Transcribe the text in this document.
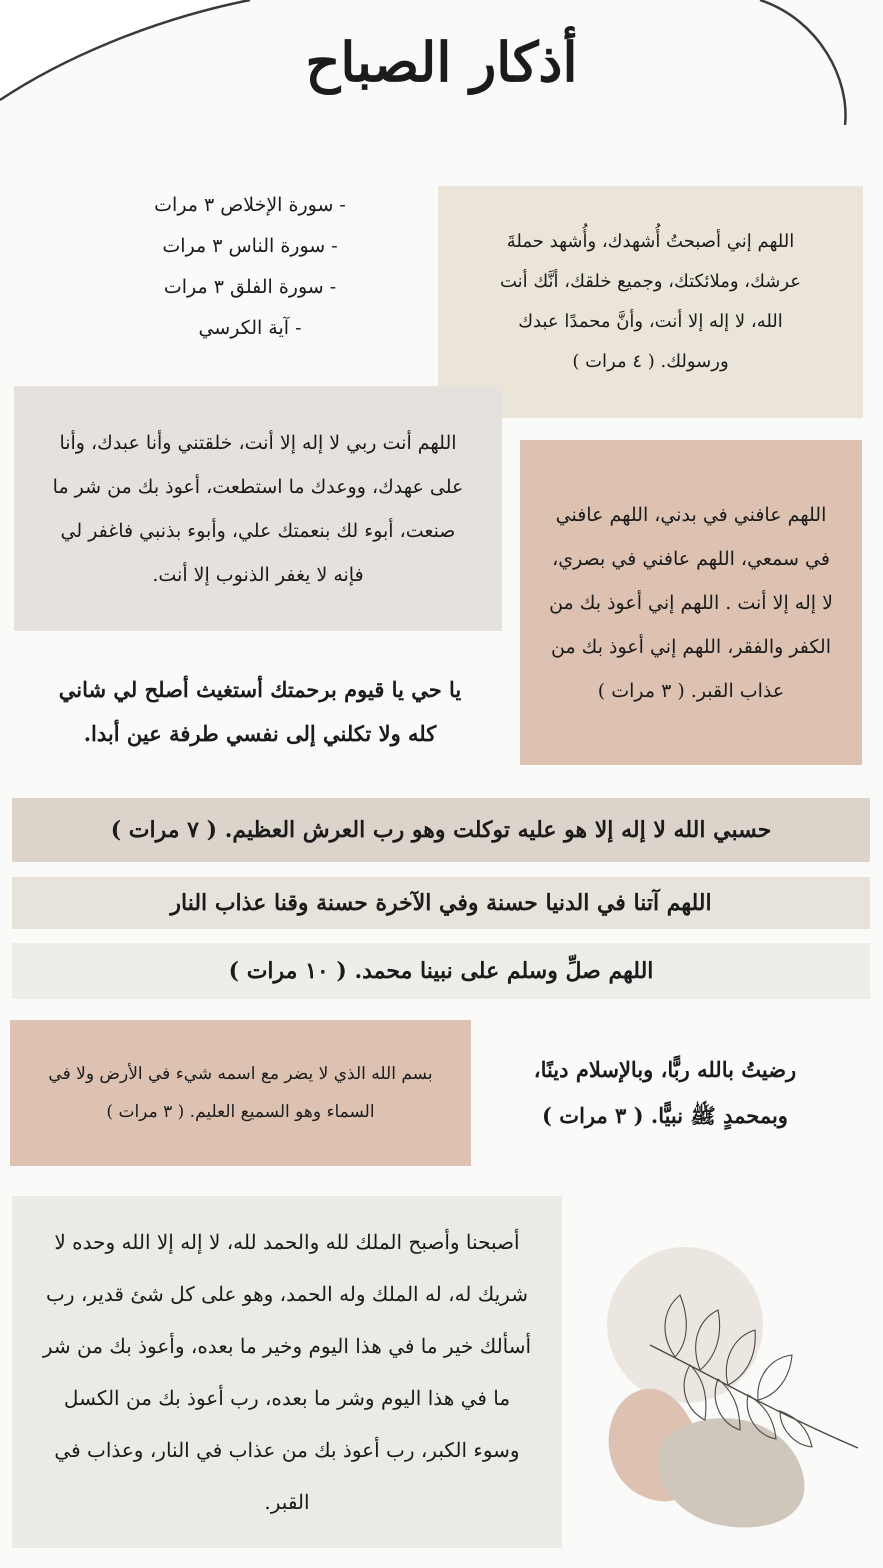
أذكار الصباح
- سورة الإخلاص ٣ مرات
- سورة الناس ٣ مرات
- سورة الفلق ٣ مرات
- آية الكرسي

اللهم إني أصبحتُ أُشهدك، وأُشهد حملةَ عرشك، وملائكتك، وجميع خلقك، أنَّك أنت الله، لا إله إلا أنت، وأنَّ محمدًا عبدك ورسولك. ( ٤ مرات )

اللهم أنت ربي لا إله إلا أنت، خلقتني وأنا عبدك، وأنا على عهدك، ووعدك ما استطعت، أعوذ بك من شر ما صنعت، أبوء لك بنعمتك علي، وأبوء بذنبي فاغفر لي فإنه لا يغفر الذنوب إلا أنت.

اللهم عافني في بدني، اللهم عافني في سمعي، اللهم عافني في بصري، لا إله إلا أنت . اللهم إني أعوذ بك من الكفر والفقر، اللهم إني أعوذ بك من عذاب القبر. ( ٣ مرات )

يا حي يا قيوم برحمتك أستغيث أصلح لي شاني كله ولا تكلني إلى نفسي طرفة عين أبدا.

حسبي الله لا إله إلا هو عليه توكلت وهو رب العرش العظيم. ( ٧ مرات )
اللهم آتنا في الدنيا حسنة وفي الآخرة حسنة وقنا عذاب النار
اللهم صلِّ وسلم على نبينا محمد. ( ١٠ مرات )

بسم الله الذي لا يضر مع اسمه شيء في الأرض ولا في السماء وهو السميع العليم. ( ٣ مرات )

رضيتُ بالله ربًّا، وبالإسلام دينًا، وبمحمدٍ ﷺ نبيًّا. ( ٣ مرات )

أصبحنا وأصبح الملك لله والحمد لله، لا إله إلا الله وحده لا شريك له، له الملك وله الحمد، وهو على كل شئ قدير، رب أسألك خير ما في هذا اليوم وخير ما بعده، وأعوذ بك من شر ما في هذا اليوم وشر ما بعده، رب أعوذ بك من الكسل وسوء الكبر، رب أعوذ بك من عذاب في النار، وعذاب في القبر.
